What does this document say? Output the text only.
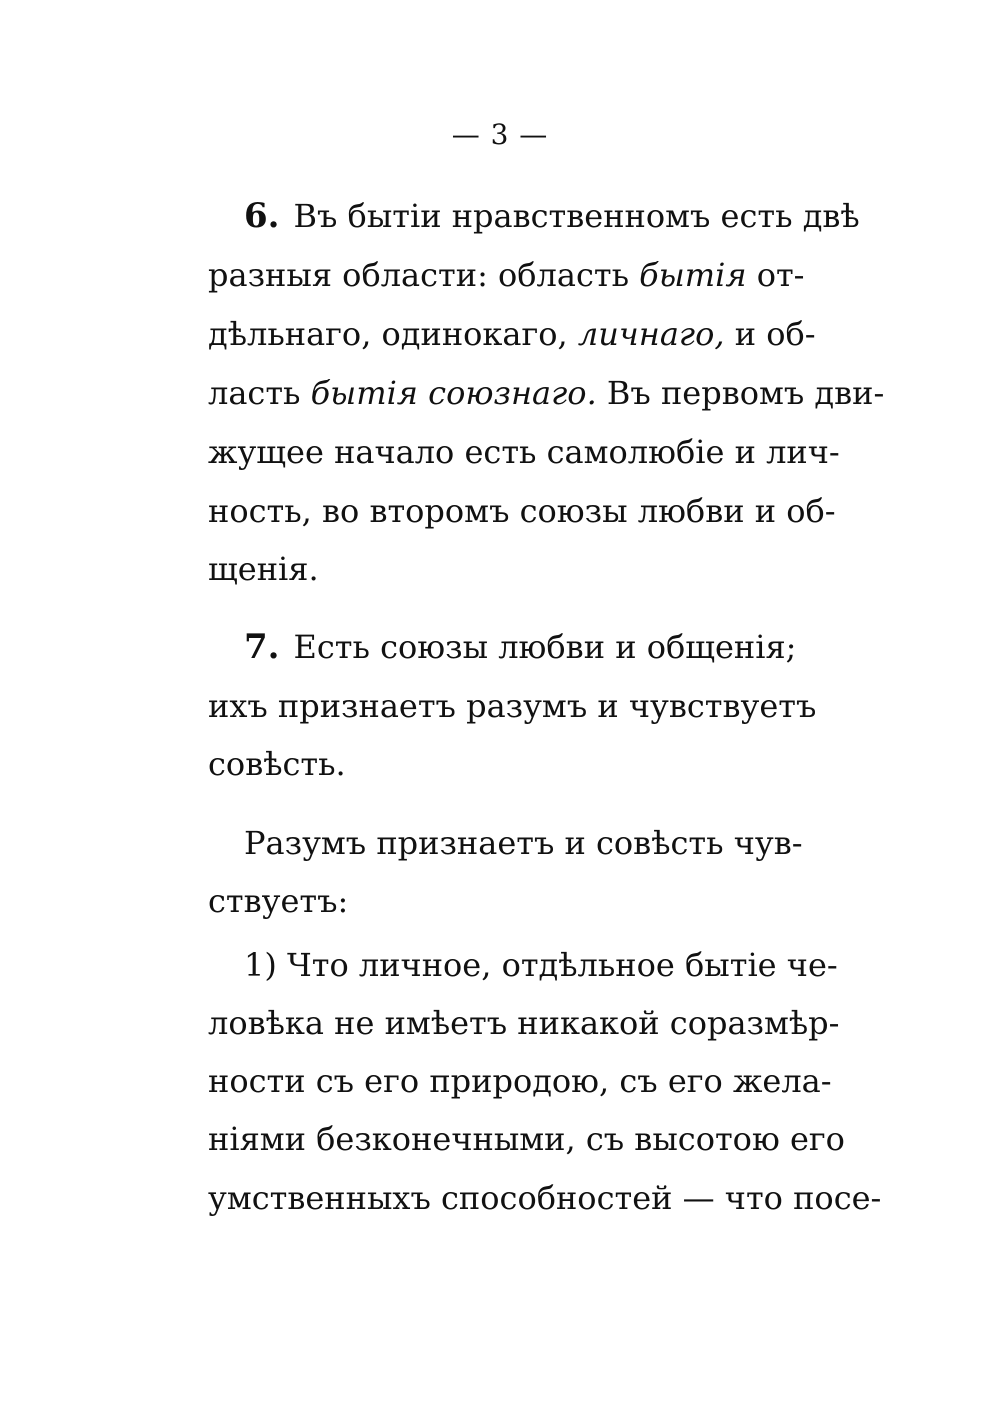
— 3 —
6. Въ бытіи нравственномъ есть двѣ
разныя области: область бытія от-
дѣльнаго, одинокаго, личнаго, и об-
ласть бытія союзнаго. Въ первомъ дви-
жущее начало есть самолюбіе и лич-
ность, во второмъ союзы любви и об-
щенія.
7. Есть союзы любви и общенія;
ихъ признаетъ разумъ и чувствуетъ
совѣсть.
Разумъ признаетъ и совѣсть чув-
ствуетъ:
1) Что личное, отдѣльное бытіе че-
ловѣка не имѣетъ никакой соразмѣр-
ности съ его природою, съ его жела-
ніями безконечными, съ высотою его
умственныхъ способностей — что посе-
